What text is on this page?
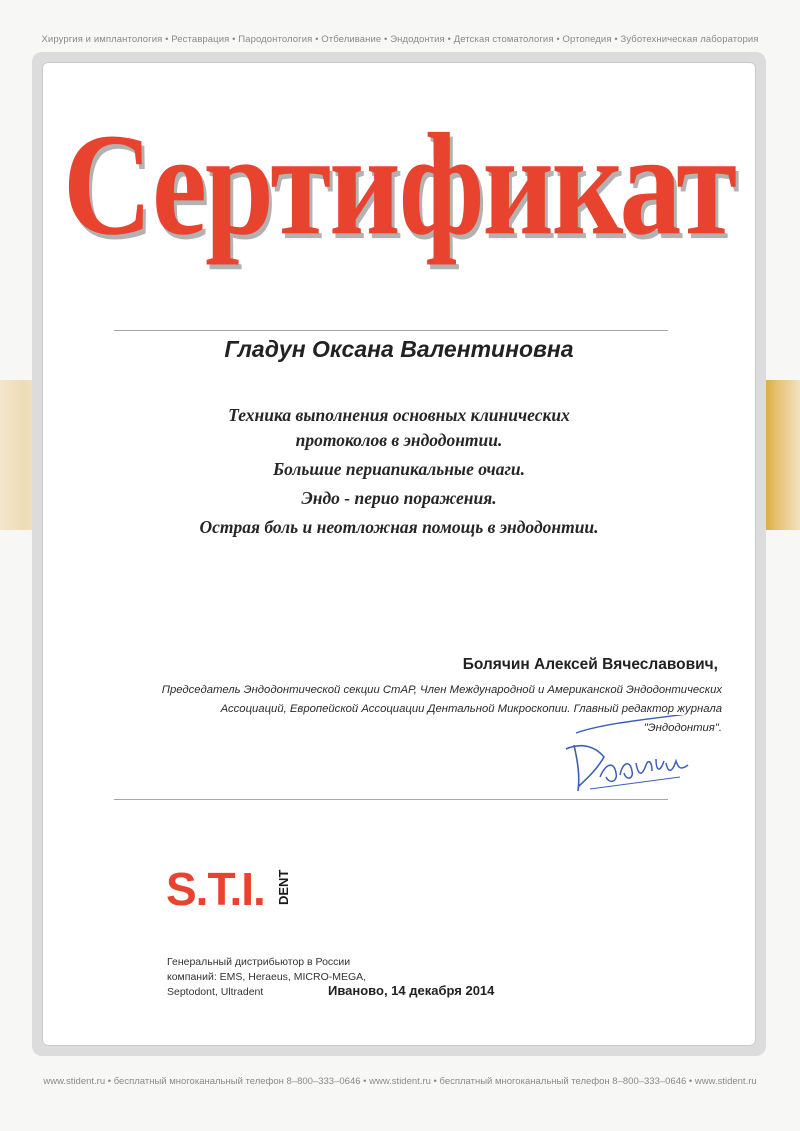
Хирургия и имплантология • Реставрация • Пародонтология • Отбеливание • Эндодонтия • Детская стоматология • Ортопедия • Зуботехническая лаборатория
Сертификат
Гладун Оксана Валентиновна
Техника выполнения основных клинических
протоколов в эндодонтии.
Большие периапикальные очаги.
Эндо - перио поражения.
Острая боль и неотложная помощь в эндодонтии.
Болячин Алексей Вячеславович,
Председатель Эндодонтической секции СтАР, Член Международной и Американской Эндодонтических
Ассоциаций, Европейской Ассоциации Дентальной Микроскопии. Главный редактор журнала
"Эндодонтия".
S.T.I. DENT
Генеральный дистрибьютор в России
компаний: EMS, Heraeus, MICRO-MEGA,
Septodont, Ultradent	Иваново, 14 декабря 2014
www.stident.ru • бесплатный многоканальный телефон 8–800–333–0646 • www.stident.ru • бесплатный многоканальный телефон 8–800–333–0646 • www.stident.ru
